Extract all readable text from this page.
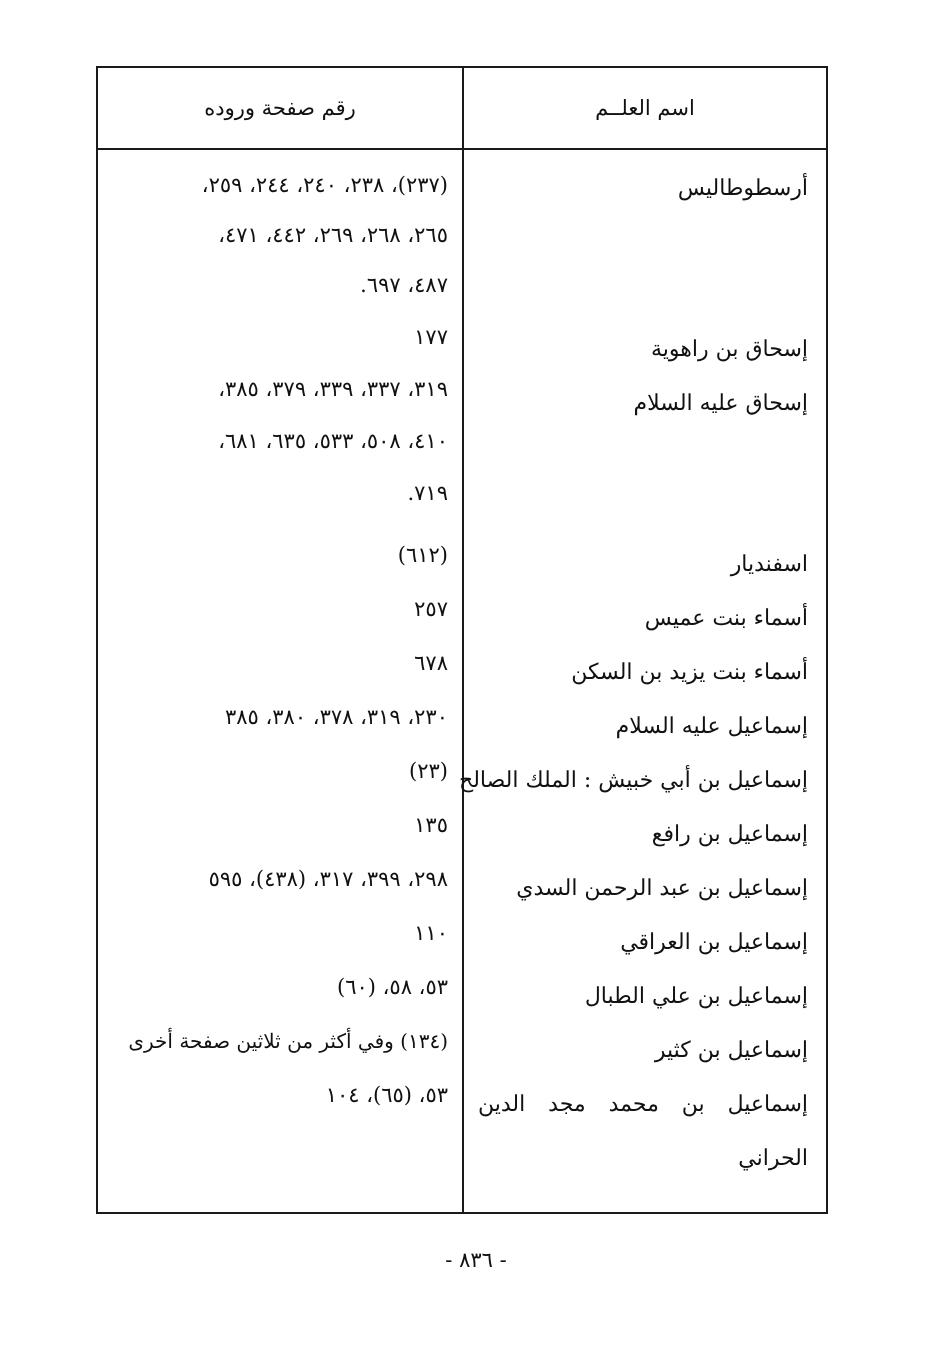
رقم صفحة وروده	اسم العلــم
أرسطوطاليس
إسحاق بن راهوية
إسحاق عليه السلام
اسفنديار
أسماء بنت عميس
أسماء بنت يزيد بن السكن
إسماعيل عليه السلام
إسماعيل بن أبي خبيش : الملك الصالح
إسماعيل بن رافع
إسماعيل بن عبد الرحمن السدي
إسماعيل بن العراقي
إسماعيل بن علي الطبال
إسماعيل بن كثير
إسماعيل بن محمد مجد الدين الحراني
(٢٣٧)، ٢٣٨، ٢٤٠، ٢٤٤، ٢٥٩،
٢٦٥، ٢٦٨، ٢٦٩، ٤٤٢، ٤٧١،
٤٨٧، ٦٩٧.
١٧٧
٣١٩، ٣٣٧، ٣٣٩، ٣٧٩، ٣٨٥،
٤١٠، ٥٠٨، ٥٣٣، ٦٣٥، ٦٨١،
٧١٩.
(٦١٢)
٢٥٧
٦٧٨
٢٣٠، ٣١٩، ٣٧٨، ٣٨٠، ٣٨٥
(٢٣)
١٣٥
٢٩٨، ٣٩٩، ٣١٧، (٤٣٨)، ٥٩٥
١١٠
٥٣، ٥٨، (٦٠)
(١٣٤) وفي أكثر من ثلاثين صفحة أخرى
٥٣، (٦٥)، ١٠٤
- ٨٣٦ -
